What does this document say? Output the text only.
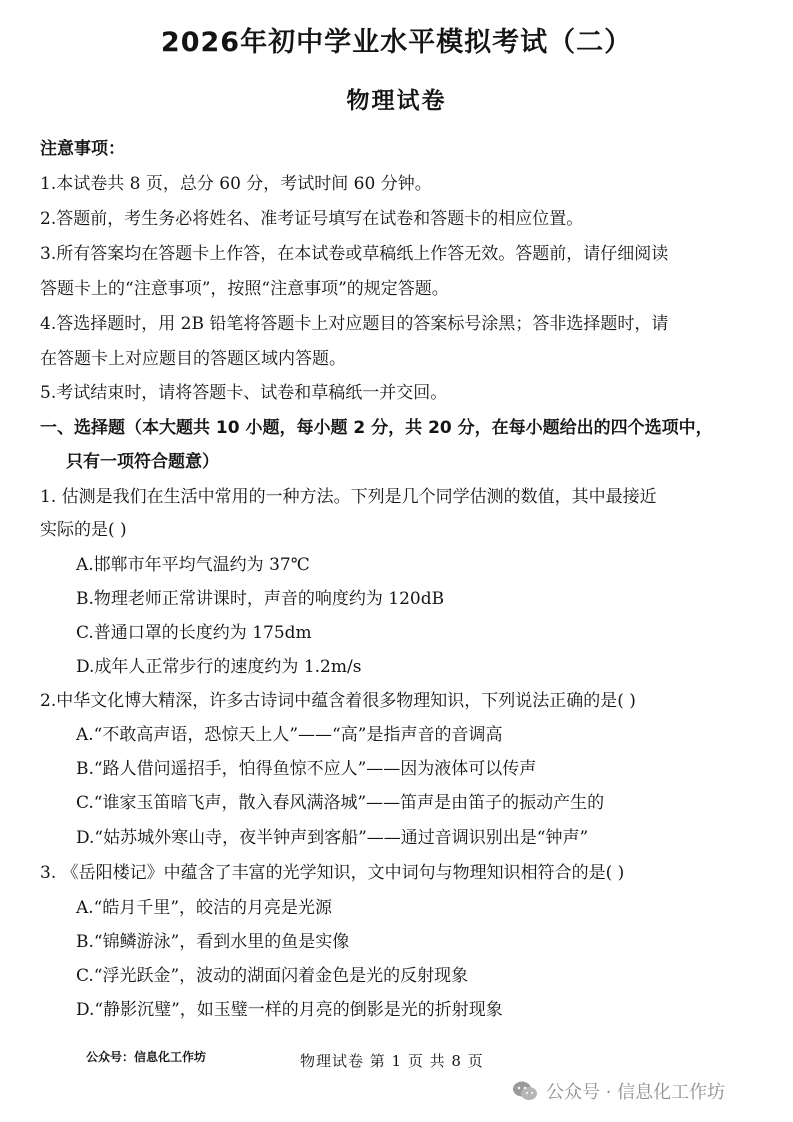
2026年初中学业水平模拟考试（二）
物理试卷
注意事项：
1.本试卷共 8 页，总分 60 分，考试时间 60 分钟。
2.答题前，考生务必将姓名、准考证号填写在试卷和答题卡的相应位置。
3.所有答案均在答题卡上作答，在本试卷或草稿纸上作答无效。答题前，请仔细阅读
答题卡上的“注意事项”，按照“注意事项”的规定答题。
4.答选择题时，用 2B 铅笔将答题卡上对应题目的答案标号涂黑；答非选择题时，请
在答题卡上对应题目的答题区域内答题。
5.考试结束时，请将答题卡、试卷和草稿纸一并交回。
一、选择题（本大题共 10 小题，每小题 2 分，共 20 分，在每小题给出的四个选项中，
只有一项符合题意）
1. 估测是我们在生活中常用的一种方法。下列是几个同学估测的数值，其中最接近
实际的是( )
A.邯郸市年平均气温约为 37℃
B.物理老师正常讲课时，声音的响度约为 120dB
C.普通口罩的长度约为 175dm
D.成年人正常步行的速度约为 1.2m/s
2.中华文化博大精深，许多古诗词中蕴含着很多物理知识，下列说法正确的是( )
A.“不敢高声语，恐惊天上人”——“高”是指声音的音调高
B.“路人借问遥招手，怕得鱼惊不应人”——因为液体可以传声
C.“谁家玉笛暗飞声，散入春风满洛城”——笛声是由笛子的振动产生的
D.“姑苏城外寒山寺，夜半钟声到客船”——通过音调识别出是“钟声”
3. 《岳阳楼记》中蕴含了丰富的光学知识，文中词句与物理知识相符合的是( )
A.“皓月千里”，皎洁的月亮是光源
B.“锦鳞游泳”，看到水里的鱼是实像
C.“浮光跃金”，波动的湖面闪着金色是光的反射现象
D.“静影沉璧”，如玉璧一样的月亮的倒影是光的折射现象
公众号：信息化工作坊	物理试卷 第 1 页 共 8 页
公众号 · 信息化工作坊
